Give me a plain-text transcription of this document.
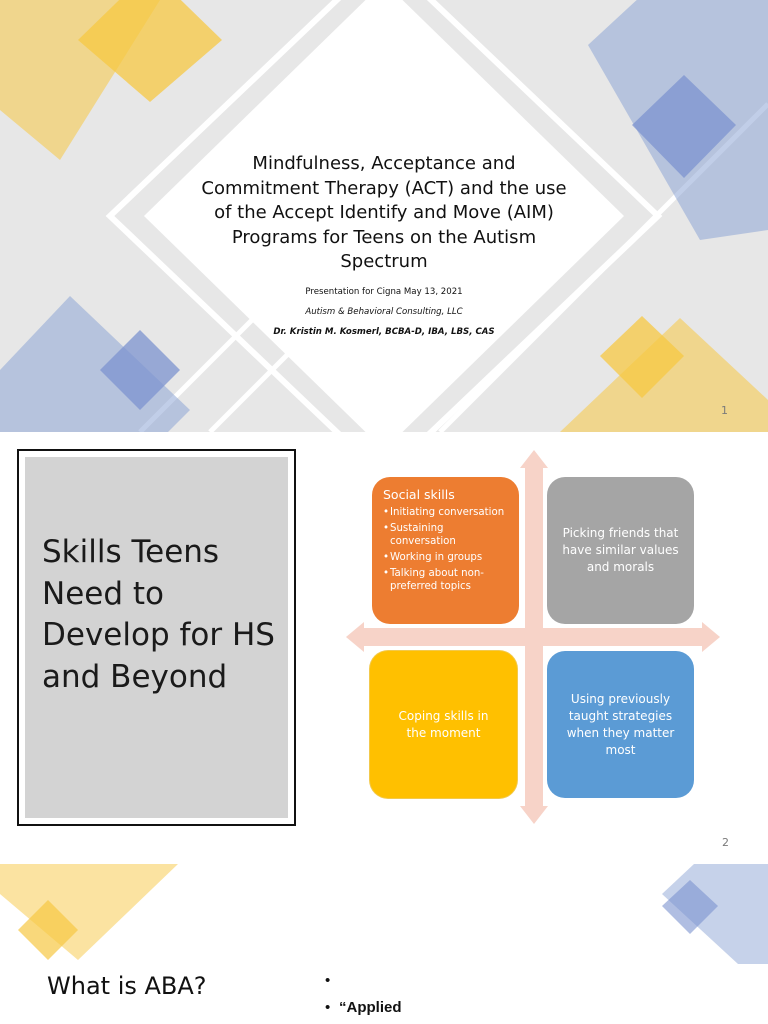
Mindfulness, Acceptance and Commitment Therapy (ACT) and the use of the Accept Identify and Move (AIM) Programs for Teens on the Autism Spectrum
Presentation for Cigna May 13, 2021
Autism & Behavioral Consulting, LLC
Dr. Kristin M. Kosmerl, BCBA-D, IBA, LBS, CAS
1
Skills Teens
Need to
Develop for HS
and Beyond
Social skills
• Initiating conversation
• Sustaining conversation
• Working in groups
• Talking about non-preferred topics
Picking friends that have similar values and morals
Coping skills in the moment
Using previously taught strategies when they matter most
2
What is ABA?	•
• “Applied
